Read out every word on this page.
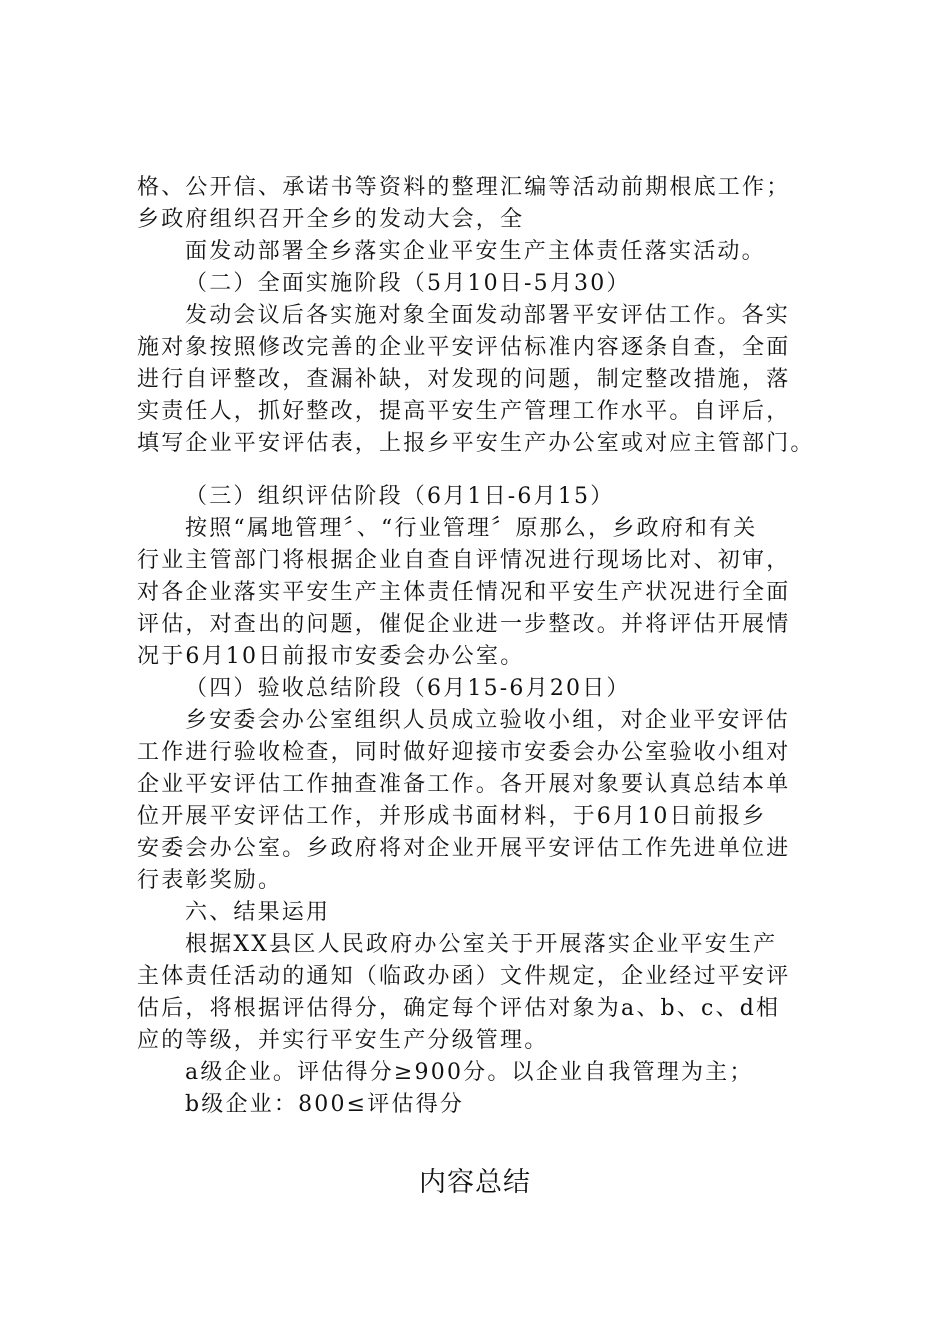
格、公开信、承诺书等资料的整理汇编等活动前期根底工作；
乡政府组织召开全乡的发动大会，全
面发动部署全乡落实企业平安生产主体责任落实活动。
（二）全面实施阶段（5月10日-5月30）
发动会议后各实施对象全面发动部署平安评估工作。各实
施对象按照修改完善的企业平安评估标准内容逐条自查，全面
进行自评整改，查漏补缺，对发现的问题，制定整改措施，落
实责任人，抓好整改，提高平安生产管理工作水平。自评后，
填写企业平安评估表，上报乡平安生产办公室或对应主管部门。
（三）组织评估阶段（6月1日-6月15）
按照“属地管理〞、“行业管理〞原那么，乡政府和有关
行业主管部门将根据企业自查自评情况进行现场比对、初审，
对各企业落实平安生产主体责任情况和平安生产状况进行全面
评估，对查出的问题，催促企业进一步整改。并将评估开展情
况于6月10日前报市安委会办公室。
（四）验收总结阶段（6月15-6月20日）
乡安委会办公室组织人员成立验收小组，对企业平安评估
工作进行验收检查，同时做好迎接市安委会办公室验收小组对
企业平安评估工作抽查准备工作。各开展对象要认真总结本单
位开展平安评估工作，并形成书面材料，于6月10日前报乡
安委会办公室。乡政府将对企业开展平安评估工作先进单位进
行表彰奖励。
六、结果运用
根据XX县区人民政府办公室关于开展落实企业平安生产
主体责任活动的通知（临政办函）文件规定，企业经过平安评
估后，将根据评估得分，确定每个评估对象为a、b、c、d相
应的等级，并实行平安生产分级管理。
a级企业。评估得分≥900分。以企业自我管理为主；
b级企业：800≤评估得分
内容总结
